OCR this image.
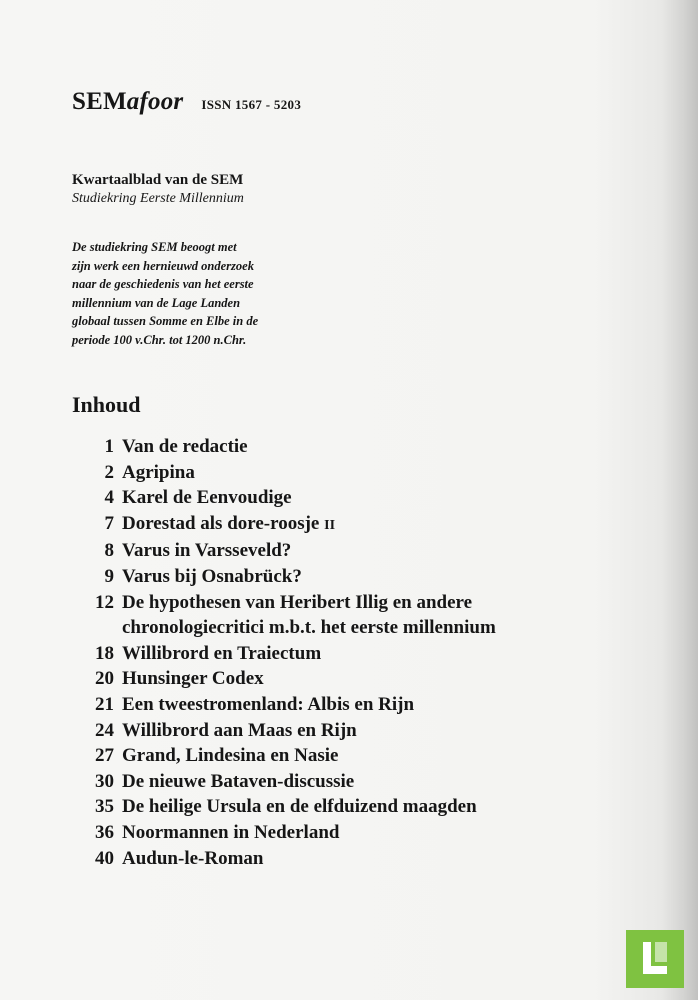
SEMafoor ISSN 1567 - 5203
Kwartaalblad van de SEM
Studiekring Eerste Millennium
De studiekring SEM beoogt met
zijn werk een hernieuwd onderzoek
naar de geschiedenis van het eerste
millennium van de Lage Landen
globaal tussen Somme en Elbe in de
periode 100 v.Chr. tot 1200 n.Chr.
Inhoud
1 Van de redactie
2 Agripina
4 Karel de Eenvoudige
7 Dorestad als dore-roosje II
8 Varus in Varsseveld?
9 Varus bij Osnabrück?
12 De hypothesen van Heribert Illig en andere
chronologiecritici m.b.t. het eerste millennium
18 Willibrord en Traiectum
20 Hunsinger Codex
21 Een tweestromenland: Albis en Rijn
24 Willibrord aan Maas en Rijn
27 Grand, Lindesina en Nasie
30 De nieuwe Bataven-discussie
35 De heilige Ursula en de elfduizend maagden
36 Noormannen in Nederland
40 Audun-le-Roman
